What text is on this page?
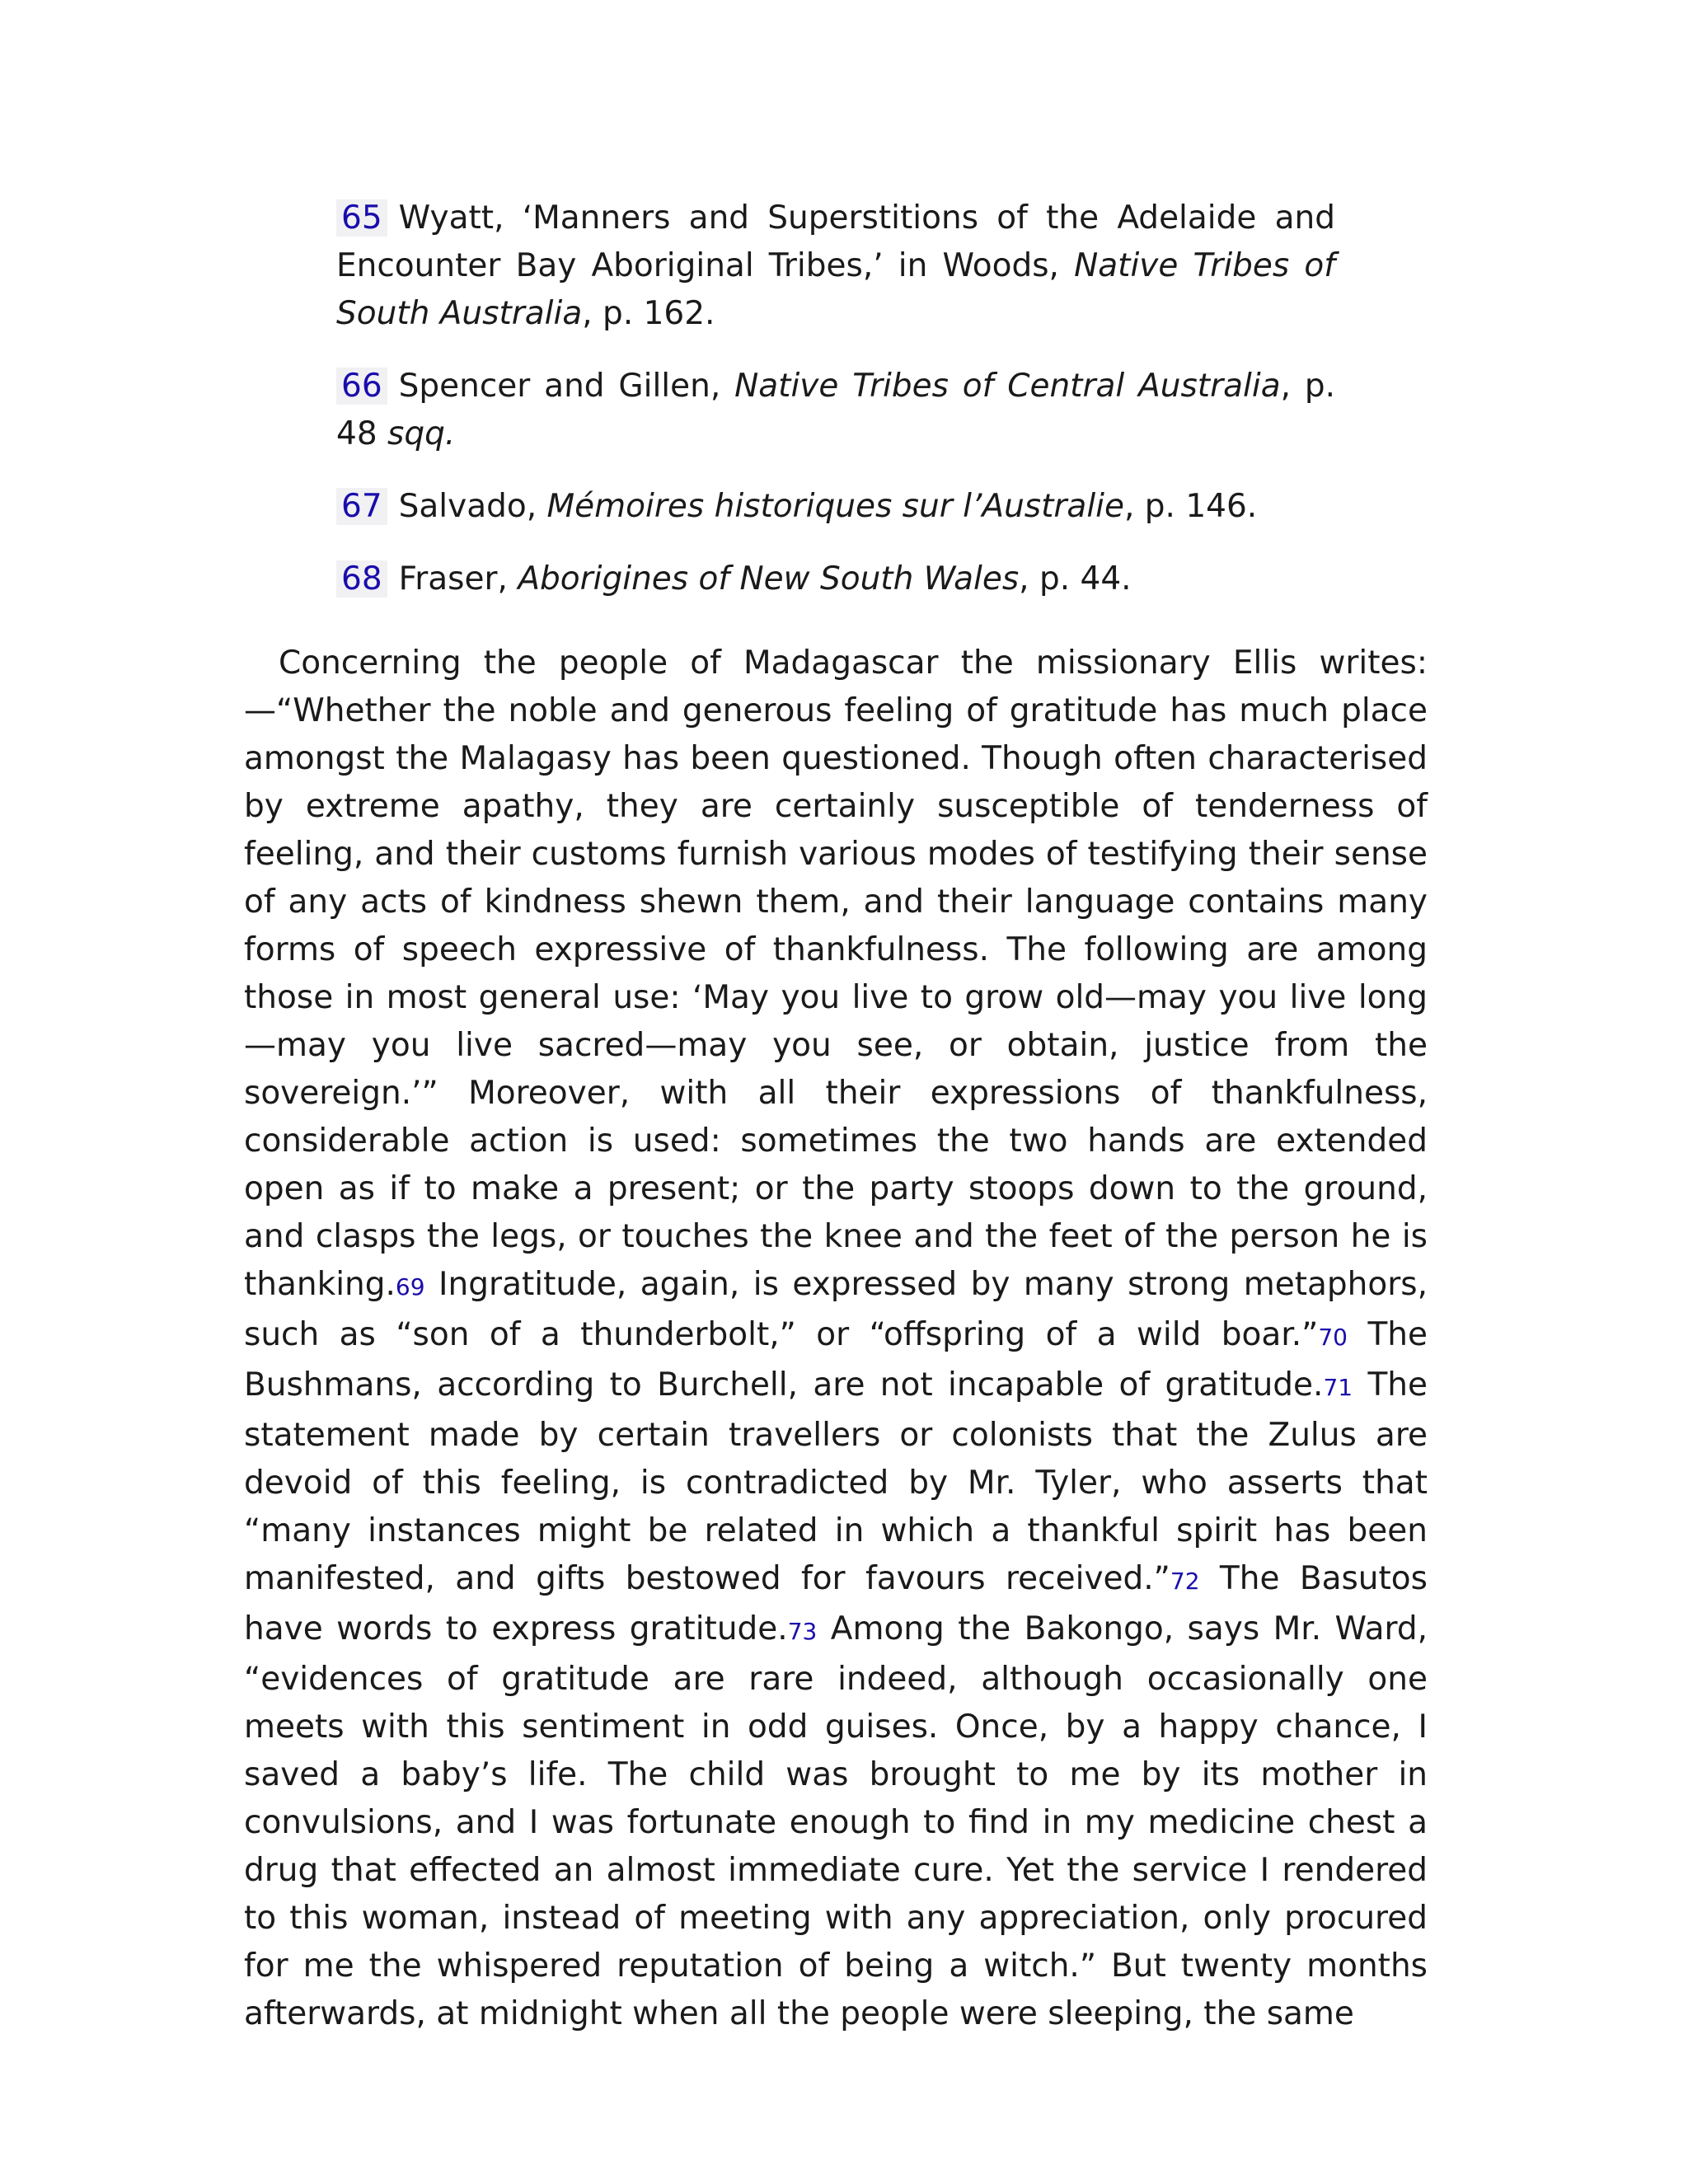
65 Wyatt, ‘Manners and Superstitions of the Adelaide and Encounter Bay Aboriginal Tribes,’ in Woods, Native Tribes of South Australia, p. 162.

66 Spencer and Gillen, Native Tribes of Central Australia, p. 48 sqq.

67 Salvado, Mémoires historiques sur l’Australie, p. 146.

68 Fraser, Aborigines of New South Wales, p. 44.

Concerning the people of Madagascar the missionary Ellis writes:—“Whether the noble and generous feeling of gratitude has much place amongst the Malagasy has been questioned. Though often characterised by extreme apathy, they are certainly susceptible of tenderness of feeling, and their customs furnish various modes of testifying their sense of any acts of kindness shewn them, and their language contains many forms of speech expressive of thankfulness. The following are among those in most general use: ‘May you live to grow old—may you live long—may you live sacred—may you see, or obtain, justice from the sovereign.’” Moreover, with all their expressions of thankfulness, considerable action is used: sometimes the two hands are extended open as if to make a present; or the party stoops down to the ground, and clasps the legs, or touches the knee and the feet of the person he is thanking.69 Ingratitude, again, is expressed by many strong metaphors, such as “son of a thunderbolt,” or “offspring of a wild boar.”70 The Bushmans, according to Burchell, are not incapable of gratitude.71 The statement made by certain travellers or colonists that the Zulus are devoid of this feeling, is contradicted by Mr. Tyler, who asserts that “many instances might be related in which a thankful spirit has been manifested, and gifts bestowed for favours received.”72 The Basutos have words to express gratitude.73 Among the Bakongo, says Mr. Ward, “evidences of gratitude are rare indeed, although occasionally one meets with this sentiment in odd guises. Once, by a happy chance, I saved a baby’s life. The child was brought to me by its mother in convulsions, and I was fortunate enough to find in my medicine chest a drug that effected an almost immediate cure. Yet the service I rendered to this woman, instead of meeting with any appreciation, only procured for me the whispered reputation of being a witch.” But twenty months afterwards, at midnight when all the people were sleeping, the same
